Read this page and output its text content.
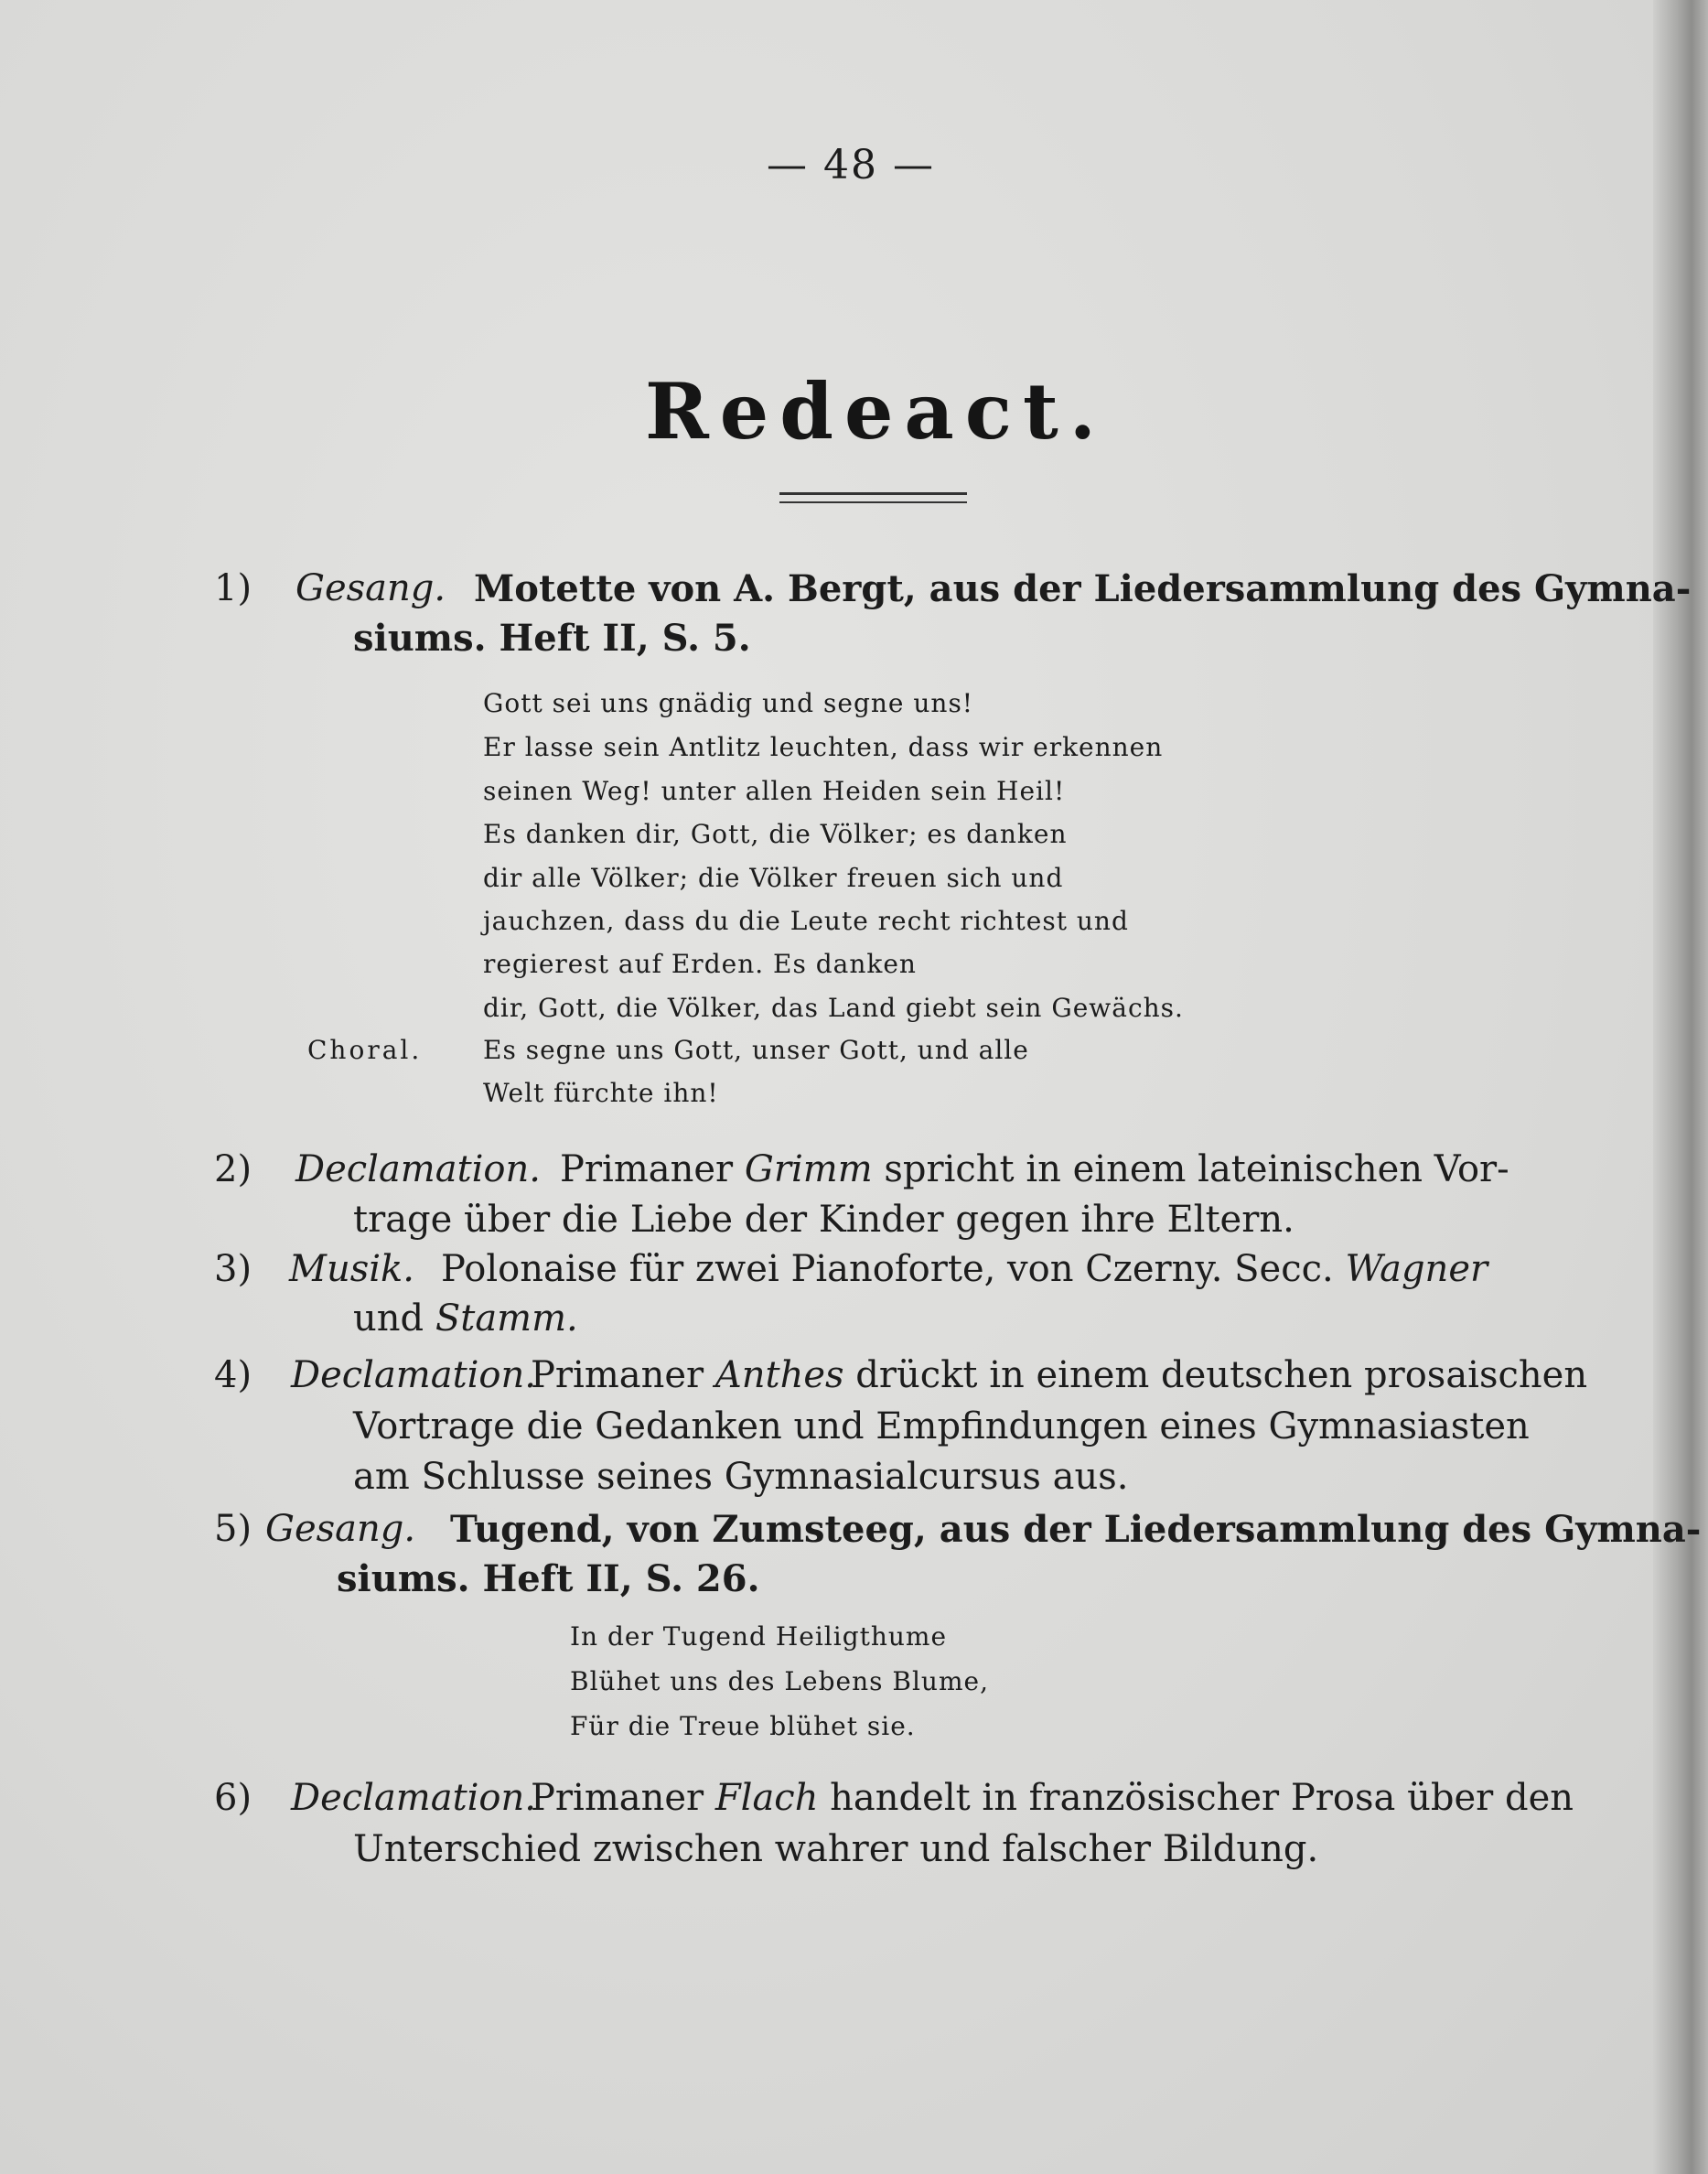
— 48 —
Redeact.
1) Gesang. Motette von A. Bergt, aus der Liedersammlung des Gymna-
siums. Heft II, S. 5.
Gott sei uns gnädig und segne uns!
Er lasse sein Antlitz leuchten, dass wir erkennen
seinen Weg! unter allen Heiden sein Heil!
Es danken dir, Gott, die Völker; es danken
dir alle Völker; die Völker freuen sich und
jauchzen, dass du die Leute recht richtest und
regierest auf Erden. Es danken
dir, Gott, die Völker, das Land giebt sein Gewächs.
Choral. Es segne uns Gott, unser Gott, und alle
Welt fürchte ihn!
2) Declamation. Primaner Grimm spricht in einem lateinischen Vor-
trage über die Liebe der Kinder gegen ihre Eltern.
3) Musik. Polonaise für zwei Pianoforte, von Czerny. Secc. Wagner
und Stamm.
4) Declamation.
Primaner Anthes drückt in einem deutschen prosaischen
Vortrage die Gedanken und Empfindungen eines Gymnasiasten
am Schlusse seines Gymnasialcursus aus.
5) Gesang. Tugend, von Zumsteeg, aus der Liedersammlung des Gymna-
siums. Heft II, S. 26.
In der Tugend Heiligthume
Blühet uns des Lebens Blume,
Für die Treue blühet sie.
6) Declamation.
Primaner Flach handelt in französischer Prosa über den
Unterschied zwischen wahrer und falscher Bildung.
